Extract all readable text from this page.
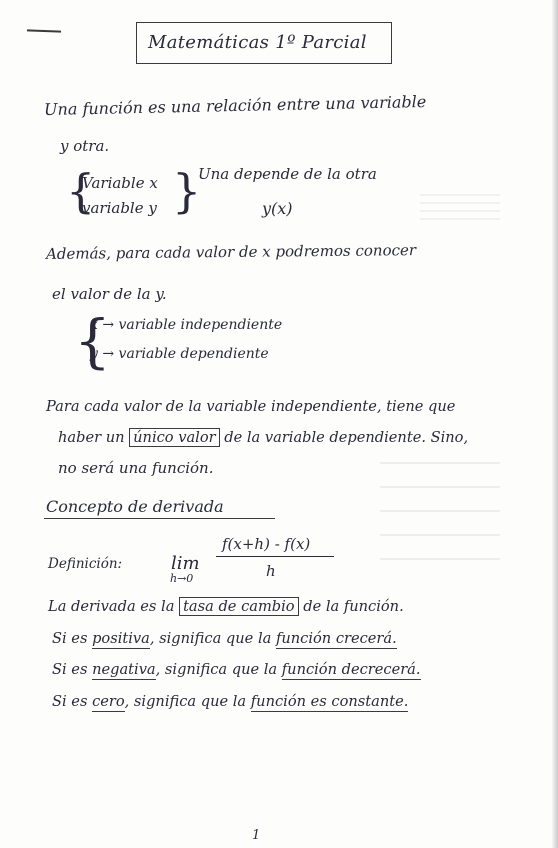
Matemáticas 1º Parcial
Una función es una relación entre una variable
y otra.
{
Variable x
variable y }
Una depende de la otra
y(x)
Además, para cada valor de x podremos conocer
el valor de la y.
{
x → variable independiente
y → variable dependiente
Para cada valor de la variable independiente, tiene que
haber un único valor de la variable dependiente. Sino,
no será una función.
Concepto de derivada
Definición:	lim
h→0
f(x+h) - f(x)
h
La derivada es la tasa de cambio de la función.
Si es positiva, significa que la función crecerá.
Si es negativa, significa que la función decrecerá.
Si es cero, significa que la función es constante.
1
